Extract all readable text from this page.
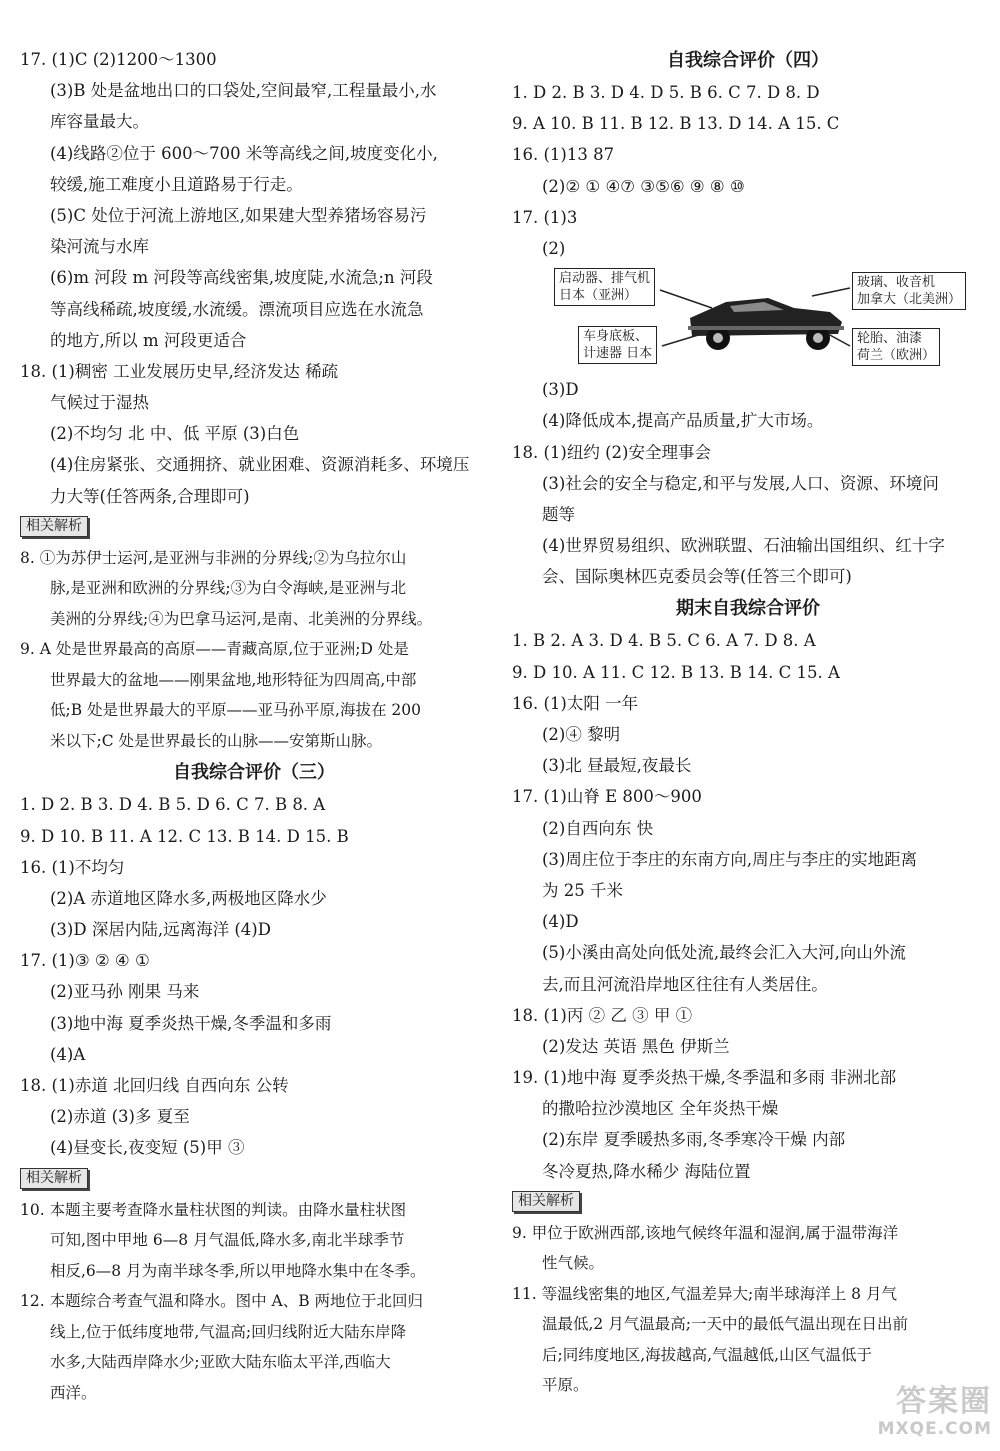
17. (1)C (2)1200～1300
(3)B 处是盆地出口的口袋处,空间最窄,工程量最小,水
库容量最大。
(4)线路②位于 600～700 米等高线之间,坡度变化小,
较缓,施工难度小且道路易于行走。
(5)C 处位于河流上游地区,如果建大型养猪场容易污
染河流与水库
(6)m 河段 m 河段等高线密集,坡度陡,水流急;n 河段
等高线稀疏,坡度缓,水流缓。漂流项目应选在水流急
的地方,所以 m 河段更适合
18. (1)稠密 工业发展历史早,经济发达 稀疏
气候过于湿热
(2)不均匀 北 中、低 平原 (3)白色
(4)住房紧张、交通拥挤、就业困难、资源消耗多、环境压
力大等(任答两条,合理即可)
相关解析
8. ①为苏伊士运河,是亚洲与非洲的分界线;②为乌拉尔山
脉,是亚洲和欧洲的分界线;③为白令海峡,是亚洲与北
美洲的分界线;④为巴拿马运河,是南、北美洲的分界线。
9. A 处是世界最高的高原——青藏高原,位于亚洲;D 处是
世界最大的盆地——刚果盆地,地形特征为四周高,中部
低;B 处是世界最大的平原——亚马孙平原,海拔在 200
米以下;C 处是世界最长的山脉——安第斯山脉。
自我综合评价（三）
1. D 2. B 3. D 4. B 5. D 6. C 7. B 8. A
9. D 10. B 11. A 12. C 13. B 14. D 15. B
16. (1)不均匀
(2)A 赤道地区降水多,两极地区降水少
(3)D 深居内陆,远离海洋 (4)D
17. (1)③ ② ④ ①
(2)亚马孙 刚果 马来
(3)地中海 夏季炎热干燥,冬季温和多雨
(4)A
18. (1)赤道 北回归线 自西向东 公转
(2)赤道 (3)多 夏至
(4)昼变长,夜变短 (5)甲 ③
相关解析
10. 本题主要考查降水量柱状图的判读。由降水量柱状图
可知,图中甲地 6—8 月气温低,降水多,南北半球季节
相反,6—8 月为南半球冬季,所以甲地降水集中在冬季。
12. 本题综合考查气温和降水。图中 A、B 两地位于北回归
线上,位于低纬度地带,气温高;回归线附近大陆东岸降
水多,大陆西岸降水少;亚欧大陆东临太平洋,西临大
西洋。
自我综合评价（四）
1. D 2. B 3. D 4. D 5. B 6. C 7. D 8. D
9. A 10. B 11. B 12. B 13. D 14. A 15. C
16. (1)13 87
(2)② ① ④⑦ ③⑤⑥ ⑨ ⑧ ⑩
17. (1)3
(2)
启动器、排气机
日本（亚洲）
玻璃、收音机
加拿大（北美洲）
车身底板、
计速器 日本
轮胎、油漆
荷兰（欧洲）
(3)D
(4)降低成本,提高产品质量,扩大市场。
18. (1)纽约 (2)安全理事会
(3)社会的安全与稳定,和平与发展,人口、资源、环境问
题等
(4)世界贸易组织、欧洲联盟、石油输出国组织、红十字
会、国际奥林匹克委员会等(任答三个即可)
期末自我综合评价
1. B 2. A 3. D 4. B 5. C 6. A 7. D 8. A
9. D 10. A 11. C 12. B 13. B 14. C 15. A
16. (1)太阳 一年
(2)④ 黎明
(3)北 昼最短,夜最长
17. (1)山脊 E 800～900
(2)自西向东 快
(3)周庄位于李庄的东南方向,周庄与李庄的实地距离
为 25 千米
(4)D
(5)小溪由高处向低处流,最终会汇入大河,向山外流
去,而且河流沿岸地区往往有人类居住。
18. (1)丙 ② 乙 ③ 甲 ①
(2)发达 英语 黑色 伊斯兰
19. (1)地中海 夏季炎热干燥,冬季温和多雨 非洲北部
的撒哈拉沙漠地区 全年炎热干燥
(2)东岸 夏季暖热多雨,冬季寒冷干燥 内部
冬冷夏热,降水稀少 海陆位置
相关解析
9. 甲位于欧洲西部,该地气候终年温和湿润,属于温带海洋
性气候。
11. 等温线密集的地区,气温差异大;南半球海洋上 8 月气
温最低,2 月气温最高;一天中的最低气温出现在日出前
后;同纬度地区,海拔越高,气温越低,山区气温低于
平原。	答案圈
MXQE.COM
